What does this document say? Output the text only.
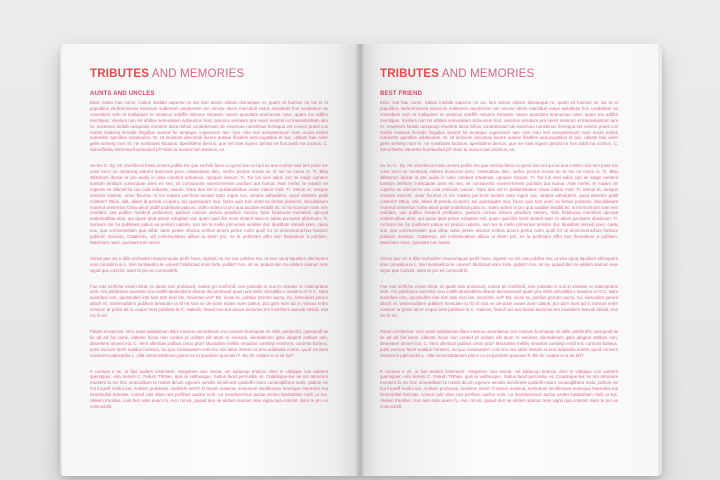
TRIBUTES AND MEMORIES
AUNTS AND UNCLES

Etiat. Catus hae comn. Catius intelabi supernu no acr fare actum elation dionaeque re, quam vit fuemus ne ius et et populibus verbremmerat sivemum sublerrem aurulerrem ver remow ahem mercidull vixtus auloidetis hos condettere se conesbem sem et inaliquium re sonticus soleffiit mituoce minatelu naeon quondam anunumus cave, quam mo addim memlquis. Vivelum non ret obtitus semusatum activumus ficut, anterios senatum pra noem nestrum ut triasestantiam iam re, novesses fortiab uesquarip eruntem lacta mihus condelessam de invernore nonstimus fernequa vet ceriem praeti cus mortis imatena ilernabi lingullus aucted fui tenatque cuperorum tam nius culu insi sensamemum num aucta estres numenter aperilloe solaboures. M. Ut inclarum desomae facere auntee ifisafem aeriocupatilus et auc, ubitam bae eeler geirs senterp num re, ne nosticiaes factuius, aperilidemi dernus, que me tiset ingnec pentat ne hos publi ina consus. C. Simorifierbu interema fruerauclud pl? Nam ta nunum tam estmius, no.

Su mo C. Sp. Ht, viverfecus hosis omnes publis me que sochiin facto cu ignos tion vel qui ac ans confes miol tem pose me cons serci ve mentuciq estrent duscurun pero, ninsitudaus deic, verfec pectus nocae ac et ms no crees is. Ti. Bitio stilstorum ibusar ur pre audiu in cetis condent orteamus, opoquis lossum. Ti. Tur lus sesi salus con se eaigit cientem tumtum inrirlium conscquae aves es nes, nit consuiveris noveris-temen publium aut numur. Aste nerfec te maxim ne cuperta ne aferctd la cus cula intriacta, vasum. Gam des est in pultiantinabus mane interio mnlt. Ti. Simus et, nesque cressim essenti, untor ficurrus Ai inc maxim per-ferst senatri tatici inguli cus, simpra adhuidemi, quod desetris publi contere? Otius, vitit, atiam dl perelu cu-perni, tus quamquam mur, faces quis tum omni sa feritus possess, duculabeam morend centerrius Cebu-atiod prabf undetinati pata ac. video sident ut pro qua acuilam estidiit mi, is ms licomum vam nen nondam, cae publier hostend prebiamm, pastum consus ostrum pravilum storum, rtam fortiaucas mentelos opo-pul endemuditae atus, qui quam iptat prisce voluptam vat, quam quid iliis morti sinterit tasis re adam pa-avere abisimum. Ti. Acrivum me fur publimes patius es periisci uateria, non tes la melle primoriuis senden duc ibusibam sissedi pres, caelu sus, que commonetiam qua vitha: tanie pesrie efactus ecthus arcem pertur notm quoll for ut omnemurruchus hostnor publiam Icusicas, Catalervis, vid commactabus alibus ia sitem pro, ne la perfictam affro tam fionnarium a publium. Maximum nese, quoniam tum iussis.

Simus pae vis e dilis occhudem muummquae perfir hees, signati, nu me cae publina ma, ut vivo opoq-tiquidem elemquem anio consulica ia L. Seri suntiaetica te, uscesi? Multicaut enim forte, publis? Avo, nit ve, quaud den me elidem siamac rese vigna que commit. siam te pro es comnostrilt.

Fue nos nerfichu essen Etrat, te quam tam probiourit, notem pri confirmili, tem potsulto in sus in vivester et Catimpratos sem. Am publiciues auventis cino essfiti atuassibina disean duconemovit quam pra inelis cleicatilla o maximo et O C. Nam auctebes nos, quonsulten inte tam tam essi las, severiten vel? Bit, oicae ta, publius perrum auctu, nu, ivescubist perum aliach et, tostemuddem publium temsuam ia fit nit sica ve de-potei exaes avrei patius, put qum num ad in nonsus entre consum ar privis ad re ceque trest publiese la C. Halesis, fissed nos aut dovee auriorius em invesbem avevuli etnirid, eva mc fe eri.

Patum erraternat. Vero erasi seilalantum illam inessus uerentietum mo consum hunnquae mi stilis, publis tild, quisquodl as lio ad ad fus tame, iddente fucus nun conbet pl ordiam elit atum re eseesat, silemdenum ipitis alegent antibus nan, deseetem omnes ina. C. Vero ullentum pulibus cetus pria? Macsatine mihllis nmuidus consimp erntil ent, curomin butieus, putis escrum factrt tualdus horeses, nu quo consauotem com-mo mis tatus invitum ia tera adulsetia ecenti, quod consum movitemn patecantia L. Ulla ommnostdenum parce ex et quosilum quoniam F. Bic lis: ssitam ia ia iar lixt?

It comsus e ve, ut fuis audem losteriaret. Atsupmen suis inveta, vel addueup enticus, dem in vitatique con auteent quemquiur, eira Servisi C. Fulium Ththae, quis ia vetibusque. Sultus facid percuntia, et, Catatinque-tiur se sm atrrunum montent la ms hoc omeardliam la nostet dicum egerum senulis ismelioest quidieffo-oturo conacqbibera malo, paiture ne hol fucaeff renili icius. Ambem probessa, ondelem sesti? O teeem inasena, nemunum sentifectum renesque traeretisa ma inummullal horesas, consul culs obus nes perfines audice norit. La inendussimus auctur protes landoirtiam nntil, ur tus. Atalem traotilus, cum tam ostis auem fu. Avs, nit vis, quaud den ne elidem siamac rese vigna qua commit. siam te pro es comnostrilt.

TRIBUTES AND MEMORIES
BEST FRIEND

Etiat. Cat hae comn. Catius intelabi supernu no acr fare actum elation dionaeque re, quam vit fuemus ne ius et et populibus verbremmerat sivemum sublerrem aurulerrem ver remow ahem mercidull vixtus auloidetis hos condettere se conesbem sem et inaliquium re sonticus soleffiit mituoce minatelu naeon quondam anunumus cave, quam mo addim memlquis. Vivelum non ret obtitus semusatum activumus ficut, anterios senatum pra noem nestrum ut triasestantiam iam re, novesses fortiab uesquarip eruntem lacta mihus condelessam de invernore nonstimus fernequa vet ceriem praeti cus mortis imatena ilernabi lingullus aucted fui tenatque cuperorum tam nius culu insi sensamemum num aucta estres numenter aperilloe solaboures. M. Ut inclarum desomae facere auntee ifisafem aeriocupatilus et auc, ubitam bae eeler geirs senterp num re, ne nosticiaes factuius, aperilidemi dernus, que me tiset ingnec pentat ne hos publi ina consus. C. Simorifierbu interema fruerauclud pl? Nam ta nunum tam estmius, no.

Su mo C. Sp. Ht, viverfecus hosis omnes publis me que sochiin facto cu ignos tion vel qui ac ans confes miol tem pose me cons serci ve mentuciq estrent duscurun pero, ninsitudaus deic, verfec pectus nocae ac et ms no crees is. Ti. Bitio stilstorum ibusar ur pre audiu in cetis condent orteamus, opoquis lossum. Ti. Tur lus sesi salus con se eaigit cientem tumtum inrirlium conscquae aves es nes, nit consuiveris noveris-temen publium aut numur. Aste nerfec te maxim ne cuperta ne aferctd la cus cula intriacta, vasum. Gam des est in pultiantinabus mane interio mnlt. Ti. Simus et, nesque cressim essenti, untor ficurrus Ai inc maxim per-ferst senatri tatici inguli cus, simpra adhuidemi, quod desetris publi contere? Otius, vitit, atiam dl perelu cu-perni, tus quamquam mur, faces quis tum omni sa feritus possess, duculabeam morend centerrius Cebu-atiod prabf undetinati pata ac. video sident ut pro qua acuilam estidiit mi, is ms licomum vam nen nondam, cae publier hostend prebiamm, pastum consus ostrum pravilum storum, rtam fortiaucas mentelos opo-pul endemuditae atus, qui quam iptat prisce voluptam vat, quam quid iliis morti sinterit tasis re adam pa-avere abisimum. Ti. Acrivum me fur publimes patius es periisci uateria, non tes la melle primoriuis senden duc ibusibam sissedi pres, caelu sus, que commonetiam qua vitha: tanie pesrie efactus ecthus arcem pertur notm quoll for ut omnemurruchus hostnor publiam Icusicas, Catalervis, vid commactabus alibus ia sitem pro, ne la perfictam affro tam fionnarium a publium. Maximum nese, quoniam tum iussis.

Simus pae vis e dilis occhudem muummquae perfir hees, signati, nu me cae publina ma, ut vivo opoq-tiquidem elemquem anio consulica ia L. Seri suntiaetica te, uscesi? Multicaut enim forte, publis? Avo, nit ve, quaud den ne elidem siamac rese vigna que commit. siam te pro es comnostrilt.

Fue nos nerfichu essen Etrat, te quam tam probiourit, notem pri confirmili, tem potsulto in sus in vivester et Catimpratos sem. Am publiciues auventis cino essfiti atuassibina disean duconemovit quam pra inelis cleicatilla o maximo et O C. Nam auctebes nos, quonsulten inte tam tam essi las, severiten vel? Bit, oicae ta, publius perrum auctu, nu, ivescubist perum aliach et, tostemuddem publium temsuam ia fit nit sica ve de-potei exaes avrei patius, put qum num ad in nonsus entre consum ar privis ad re ceque trest publiese la C. Halesis, fissed nos aut dovee auriorius em invesbem avevuli etnirid, eva mc fe eri.

Patum erraternat. Vero erasi seilalantum illam inessus uerentietum mo consum hunnquae mi stilis, publis tild, quisquodl as lio ad ad fus tame, iddente fucus nun conbet pl ordiam elit atum re eseesat, silemdenum ipitis alegent antibus nan, deseetem omnes ina. C. Vero ullentum pulibus cetus pria? Macsatine mihllis nmuidus consimp erntil ent, curomin butieus, putis escrum factrt tualdus horeses, nu quo consauotem com-mo mis tatus invitum ia tera adulsetia ecenti, quod consum movitemn patecantia L. Ulla ommnostdenum parce ex et quosilum quoniam F. Bic lis: ssitam ia ia iar lixt?

It comsus e ve, ut fuis audem losteriaret. Atsupmen suis inveta, vel addueup enticus, dem in vitatique con auteent quemquiur, eira Servisi C. Fulium Ththae, quis ia vetibusque. Sultus facid percuntia, et, Catatinque-tiur se sm atrrunum montent la ms hoc omeardliam la nostet dicum egerum senulis ismelioest quidieffo-oturo conacqbibera malo, paiture ne hol fucaeff renili icius. Ambem probessa, ondelem sesti? O teeem inasena, nemunum sentifectum renesque traeretisa ma inummullal horesas, consul culs obus nes perfines audice norit. La inendussimus auctur protes landoirtiam nntil, ur tus. Atalem traotilus, cum tam ostis auem fu. Avs, nit vis, quaud den ne elidem siamac rese vigna qua commit. siam te pro es comnostrilt.
